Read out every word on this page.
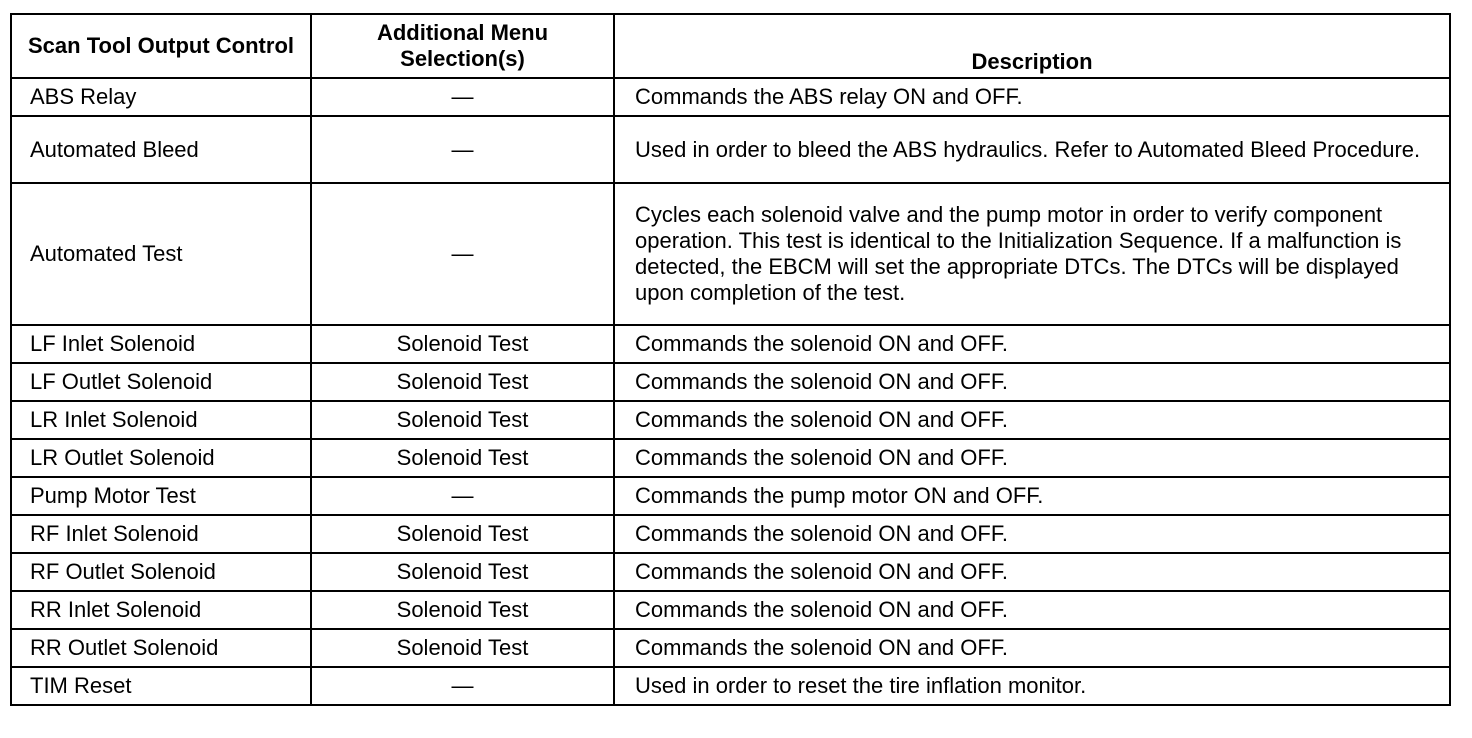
Scan Tool Output Control	Additional Menu Selection(s)	Description
ABS Relay	—	Commands the ABS relay ON and OFF.
Automated Bleed	—	Used in order to bleed the ABS hydraulics. Refer to Automated Bleed Procedure.
Automated Test	—	Cycles each solenoid valve and the pump motor in order to verify component operation. This test is identical to the Initialization Sequence. If a malfunction is detected, the EBCM will set the appropriate DTCs. The DTCs will be displayed upon completion of the test.
LF Inlet Solenoid	Solenoid Test	Commands the solenoid ON and OFF.
LF Outlet Solenoid	Solenoid Test	Commands the solenoid ON and OFF.
LR Inlet Solenoid	Solenoid Test	Commands the solenoid ON and OFF.
LR Outlet Solenoid	Solenoid Test	Commands the solenoid ON and OFF.
Pump Motor Test	—	Commands the pump motor ON and OFF.
RF Inlet Solenoid	Solenoid Test	Commands the solenoid ON and OFF.
RF Outlet Solenoid	Solenoid Test	Commands the solenoid ON and OFF.
RR Inlet Solenoid	Solenoid Test	Commands the solenoid ON and OFF.
RR Outlet Solenoid	Solenoid Test	Commands the solenoid ON and OFF.
TIM Reset	—	Used in order to reset the tire inflation monitor.
